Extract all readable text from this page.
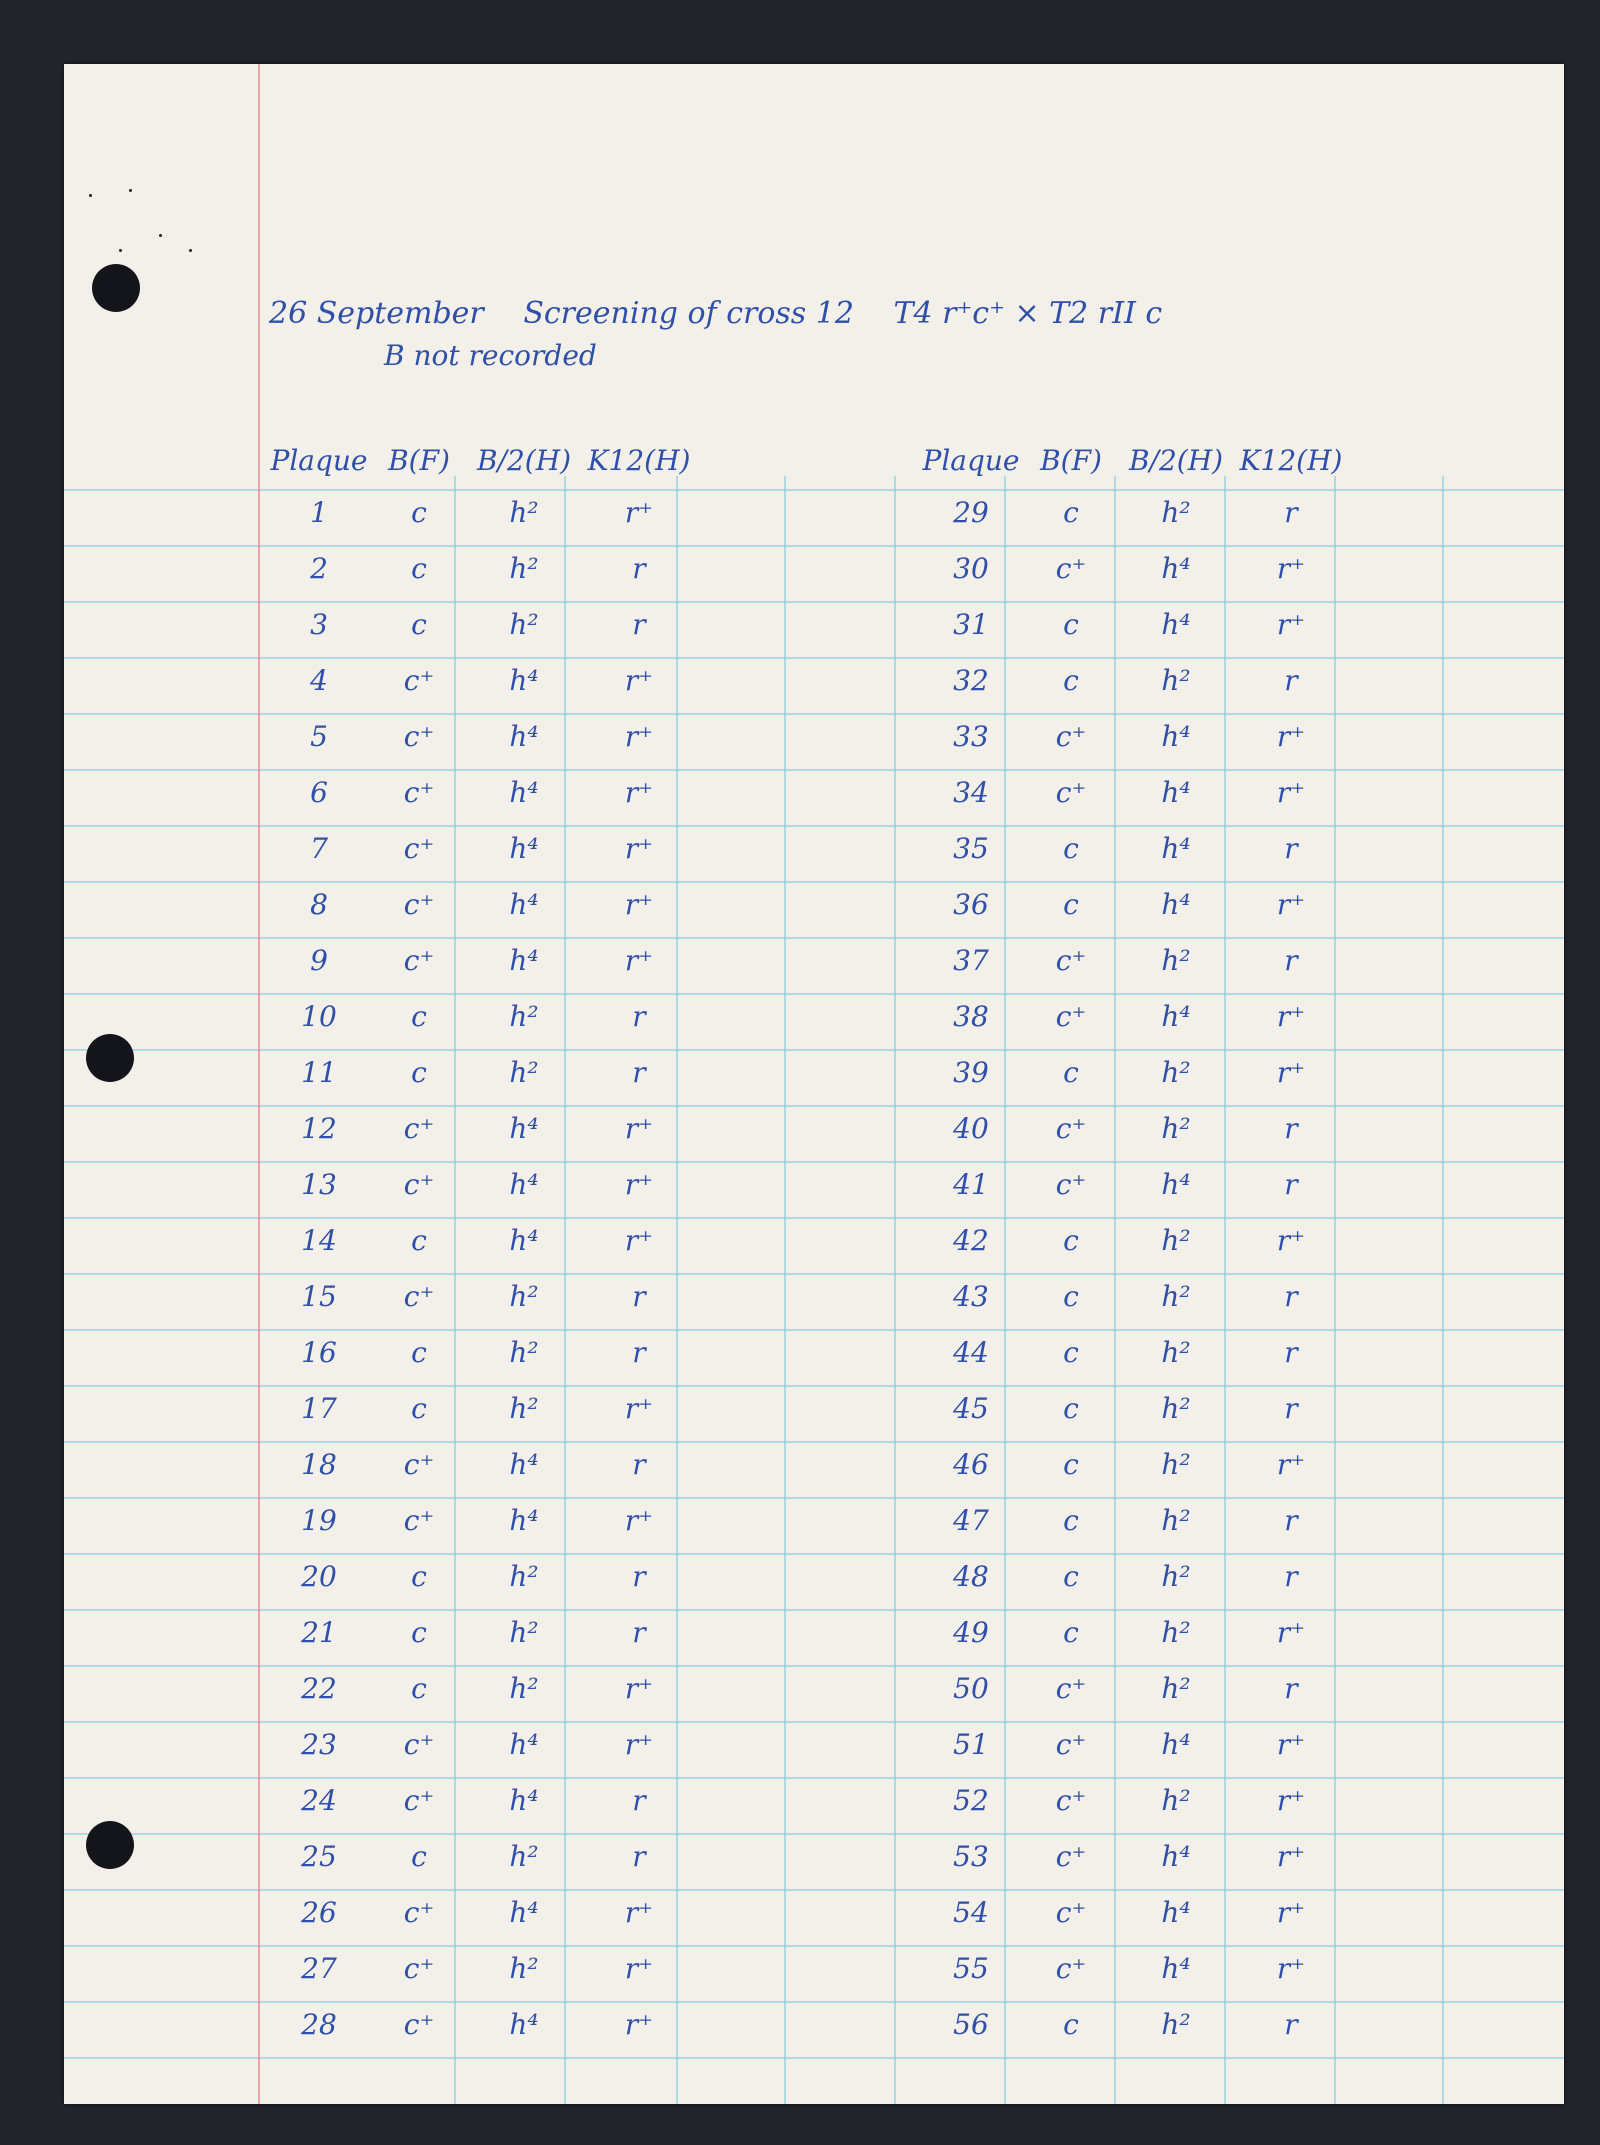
26 September Screening of cross 12 T4 r⁺c⁺ × T2 rII c
B not recorded
Plaque B(F) B/2(H) K12(H)
1	c	h²	r⁺
2	c	h²	r
3	c	h²	r
4	c⁺	h⁴	r⁺
5	c⁺	h⁴	r⁺
6	c⁺	h⁴	r⁺
7	c⁺	h⁴	r⁺
8	c⁺	h⁴	r⁺
9	c⁺	h⁴	r⁺
10	c	h²	r
11	c	h²	r
12	c⁺	h⁴	r⁺
13	c⁺	h⁴	r⁺
14	c	h⁴	r⁺
15	c⁺	h²	r
16	c	h²	r
17	c	h²	r⁺
18	c⁺	h⁴	r
19	c⁺	h⁴	r⁺
20	c	h²	r
21	c	h²	r
22	c	h²	r⁺
23	c⁺	h⁴	r⁺
24	c⁺	h⁴	r
25	c	h²	r
26	c⁺	h⁴	r⁺
27	c⁺	h²	r⁺
28	c⁺	h⁴	r⁺
Plaque B(F) B/2(H) K12(H)
29	c	h²	r
30	c⁺	h⁴	r⁺
31	c	h⁴	r⁺
32	c	h²	r
33	c⁺	h⁴	r⁺
34	c⁺	h⁴	r⁺
35	c	h⁴	r
36	c	h⁴	r⁺
37	c⁺	h²	r
38	c⁺	h⁴	r⁺
39	c	h²	r⁺
40	c⁺	h²	r
41	c⁺	h⁴	r
42	c	h²	r⁺
43	c	h²	r
44	c	h²	r
45	c	h²	r
46	c	h²	r⁺
47	c	h²	r
48	c	h²	r
49	c	h²	r⁺
50	c⁺	h²	r
51	c⁺	h⁴	r⁺
52	c⁺	h²	r⁺
53	c⁺	h⁴	r⁺
54	c⁺	h⁴	r⁺
55	c⁺	h⁴	r⁺
56	c	h²	r
